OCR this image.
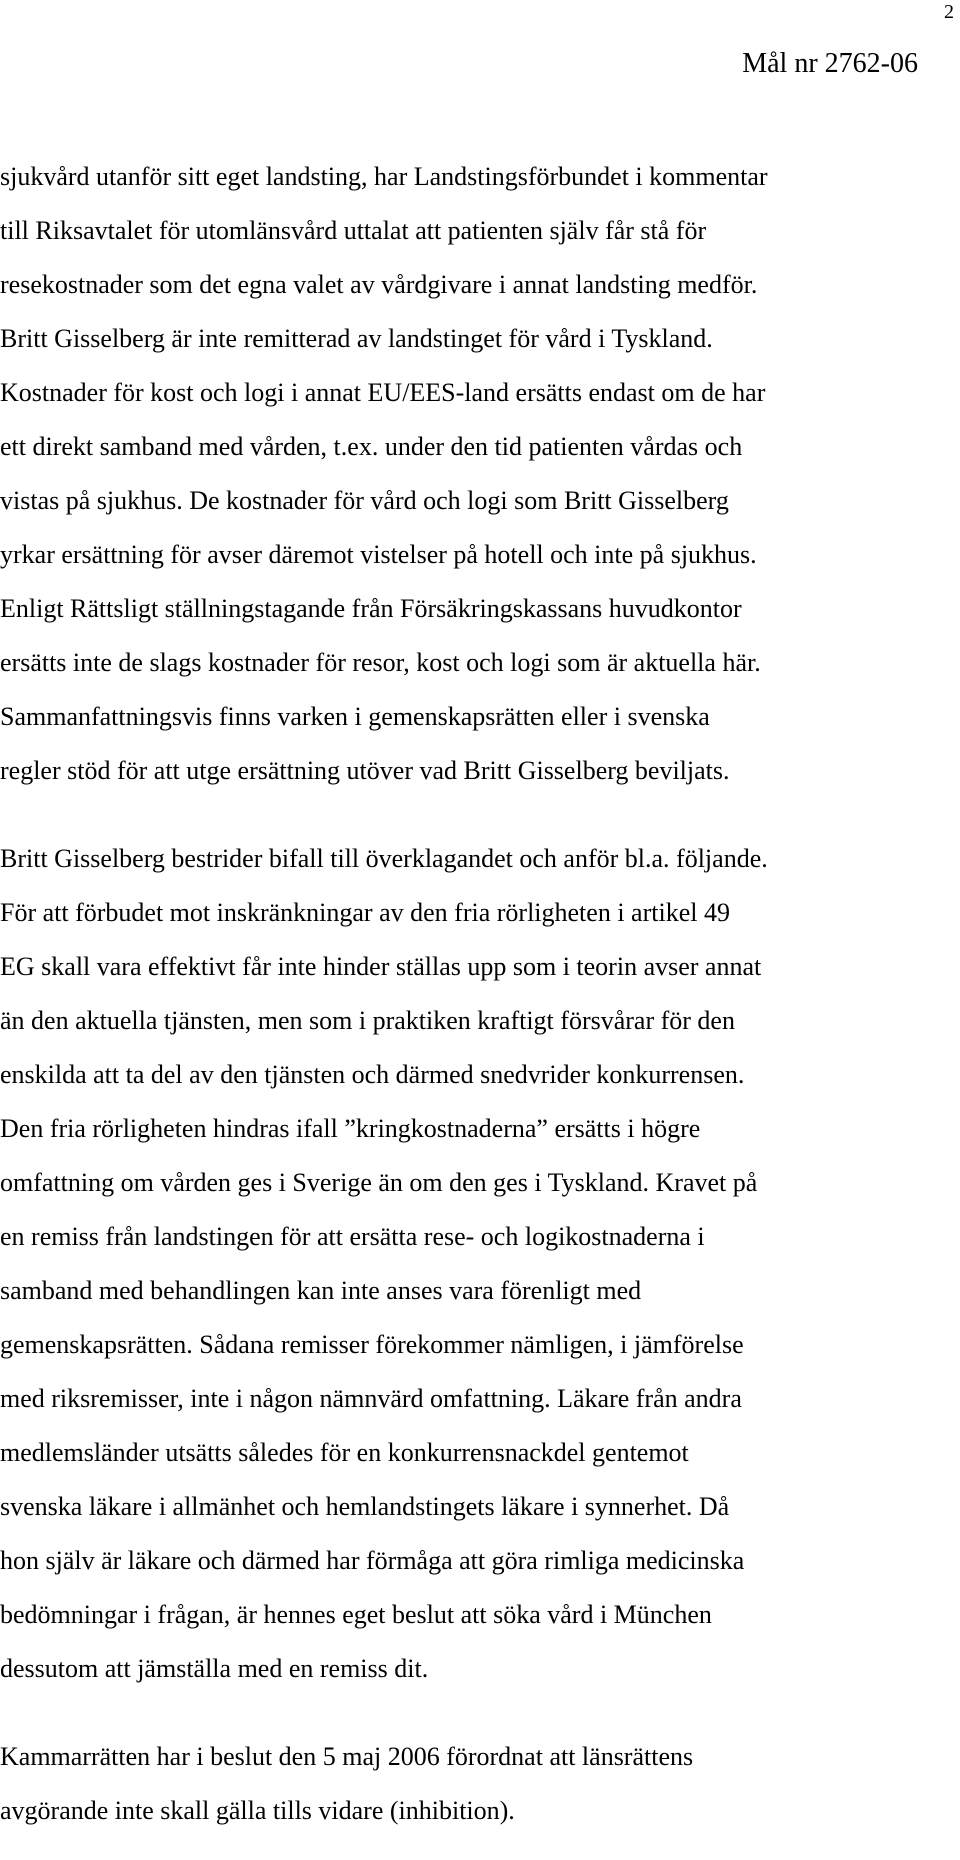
2
Mål nr 2762-06

sjukvård utanför sitt eget landsting, har Landstingsförbundet i kommentar
till Riksavtalet för utomlänsvård uttalat att patienten själv får stå för
resekostnader som det egna valet av vårdgivare i annat landsting medför.
Britt Gisselberg är inte remitterad av landstinget för vård i Tyskland.
Kostnader för kost och logi i annat EU/EES-land ersätts endast om de har
ett direkt samband med vården, t.ex. under den tid patienten vårdas och
vistas på sjukhus. De kostnader för vård och logi som Britt Gisselberg
yrkar ersättning för avser däremot vistelser på hotell och inte på sjukhus.
Enligt Rättsligt ställningstagande från Försäkringskassans huvudkontor
ersätts inte de slags kostnader för resor, kost och logi som är aktuella här.
Sammanfattningsvis finns varken i gemenskapsrätten eller i svenska
regler stöd för att utge ersättning utöver vad Britt Gisselberg beviljats.

Britt Gisselberg bestrider bifall till överklagandet och anför bl.a. följande.
För att förbudet mot inskränkningar av den fria rörligheten i artikel 49
EG skall vara effektivt får inte hinder ställas upp som i teorin avser annat
än den aktuella tjänsten, men som i praktiken kraftigt försvårar för den
enskilda att ta del av den tjänsten och därmed snedvrider konkurrensen.
Den fria rörligheten hindras ifall ”kringkostnaderna” ersätts i högre
omfattning om vården ges i Sverige än om den ges i Tyskland. Kravet på
en remiss från landstingen för att ersätta rese- och logikostnaderna i
samband med behandlingen kan inte anses vara förenligt med
gemenskapsrätten. Sådana remisser förekommer nämligen, i jämförelse
med riksremisser, inte i någon nämnvärd omfattning. Läkare från andra
medlemsländer utsätts således för en konkurrensnackdel gentemot
svenska läkare i allmänhet och hemlandstingets läkare i synnerhet. Då
hon själv är läkare och därmed har förmåga att göra rimliga medicinska
bedömningar i frågan, är hennes eget beslut att söka vård i München
dessutom att jämställa med en remiss dit.

Kammarrätten har i beslut den 5 maj 2006 förordnat att länsrättens
avgörande inte skall gälla tills vidare (inhibition).
